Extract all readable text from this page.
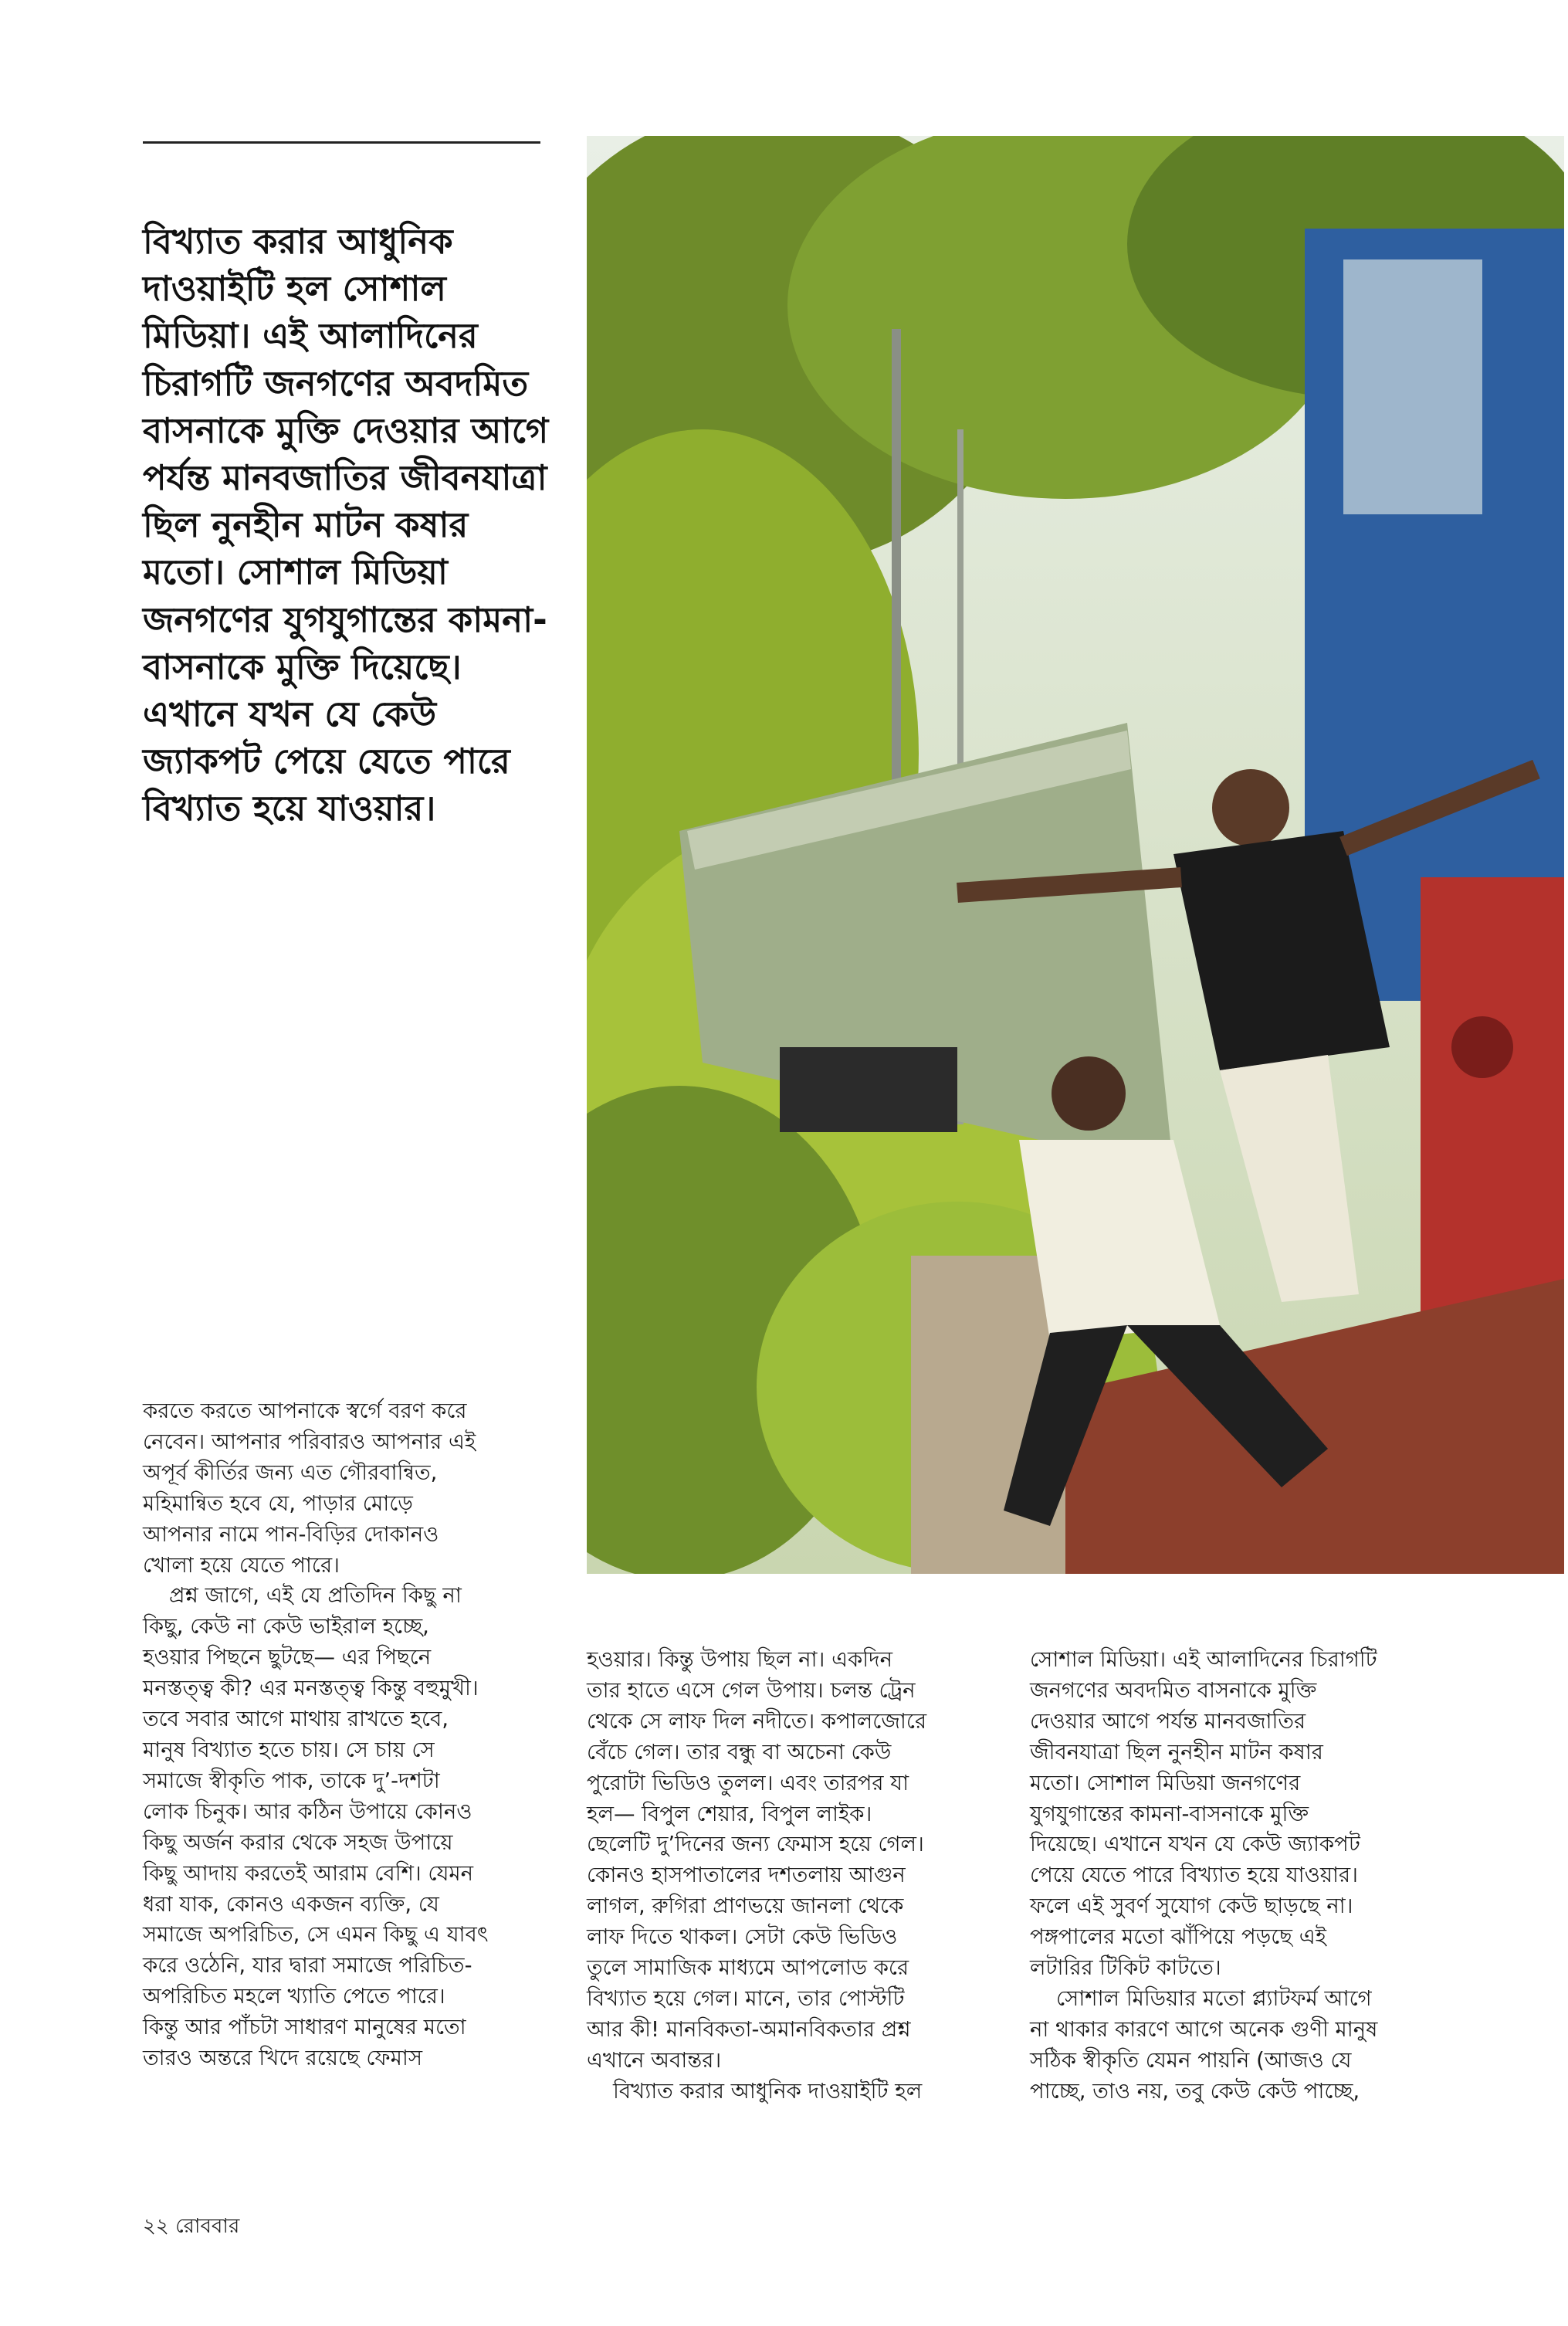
বিখ্যাত করার আধুনিক
দাওয়াইটি হল সোশাল
মিডিয়া। এই আলাদিনের
চিরাগটি জনগণের অবদমিত
বাসনাকে মুক্তি দেওয়ার আগে
পর্যন্ত মানবজাতির জীবনযাত্রা
ছিল নুনহীন মাটন কষার
মতো। সোশাল মিডিয়া
জনগণের যুগযুগান্তের কামনা-
বাসনাকে মুক্তি দিয়েছে।
এখানে যখন যে কেউ
জ্যাকপট পেয়ে যেতে পারে
বিখ্যাত হয়ে যাওয়ার।
করতে করতে আপনাকে স্বর্গে বরণ করে
নেবেন। আপনার পরিবারও আপনার এই
অপূর্ব কীর্তির জন্য এত গৌরবান্বিত,
মহিমান্বিত হবে যে, পাড়ার মোড়ে
আপনার নামে পান-বিড়ির দোকানও
খোলা হয়ে যেতে পারে।
প্রশ্ন জাগে, এই যে প্রতিদিন কিছু না
কিছু, কেউ না কেউ ভাইরাল হচ্ছে,
হওয়ার পিছনে ছুটছে— এর পিছনে
মনস্তত্ত্ব কী? এর মনস্তত্ত্ব কিন্তু বহুমুখী।
তবে সবার আগে মাথায় রাখতে হবে,
মানুষ বিখ্যাত হতে চায়। সে চায় সে
সমাজে স্বীকৃতি পাক, তাকে দু’-দশটা
লোক চিনুক। আর কঠিন উপায়ে কোনও
কিছু অর্জন করার থেকে সহজ উপায়ে
কিছু আদায় করতেই আরাম বেশি। যেমন
ধরা যাক, কোনও একজন ব্যক্তি, যে
সমাজে অপরিচিত, সে এমন কিছু এ যাবৎ
করে ওঠেনি, যার দ্বারা সমাজে পরিচিত-
অপরিচিত মহলে খ্যাতি পেতে পারে।
কিন্তু আর পাঁচটা সাধারণ মানুষের মতো
তারও অন্তরে খিদে রয়েছে ফেমাস
হওয়ার। কিন্তু উপায় ছিল না। একদিন
তার হাতে এসে গেল উপায়। চলন্ত ট্রেন
থেকে সে লাফ দিল নদীতে। কপালজোরে
বেঁচে গেল। তার বন্ধু বা অচেনা কেউ
পুরোটা ভিডিও তুলল। এবং তারপর যা
হল— বিপুল শেয়ার, বিপুল লাইক।
ছেলেটি দু’দিনের জন্য ফেমাস হয়ে গেল।
কোনও হাসপাতালের দশতলায় আগুন
লাগল, রুগিরা প্রাণভয়ে জানলা থেকে
লাফ দিতে থাকল। সেটা কেউ ভিডিও
তুলে সামাজিক মাধ্যমে আপলোড করে
বিখ্যাত হয়ে গেল। মানে, তার পোস্টটি
আর কী! মানবিকতা-অমানবিকতার প্রশ্ন
এখানে অবান্তর।
বিখ্যাত করার আধুনিক দাওয়াইটি হল
সোশাল মিডিয়া। এই আলাদিনের চিরাগটি
জনগণের অবদমিত বাসনাকে মুক্তি
দেওয়ার আগে পর্যন্ত মানবজাতির
জীবনযাত্রা ছিল নুনহীন মাটন কষার
মতো। সোশাল মিডিয়া জনগণের
যুগযুগান্তের কামনা-বাসনাকে মুক্তি
দিয়েছে। এখানে যখন যে কেউ জ্যাকপট
পেয়ে যেতে পারে বিখ্যাত হয়ে যাওয়ার।
ফলে এই সুবর্ণ সুযোগ কেউ ছাড়ছে না।
পঙ্গপালের মতো ঝাঁপিয়ে পড়ছে এই
লটারির টিকিট কাটতে।
সোশাল মিডিয়ার মতো প্ল্যাটফর্ম আগে
না থাকার কারণে আগে অনেক গুণী মানুষ
সঠিক স্বীকৃতি যেমন পায়নি (আজও যে
পাচ্ছে, তাও নয়, তবু কেউ কেউ পাচ্ছে,
২২ রোববার
